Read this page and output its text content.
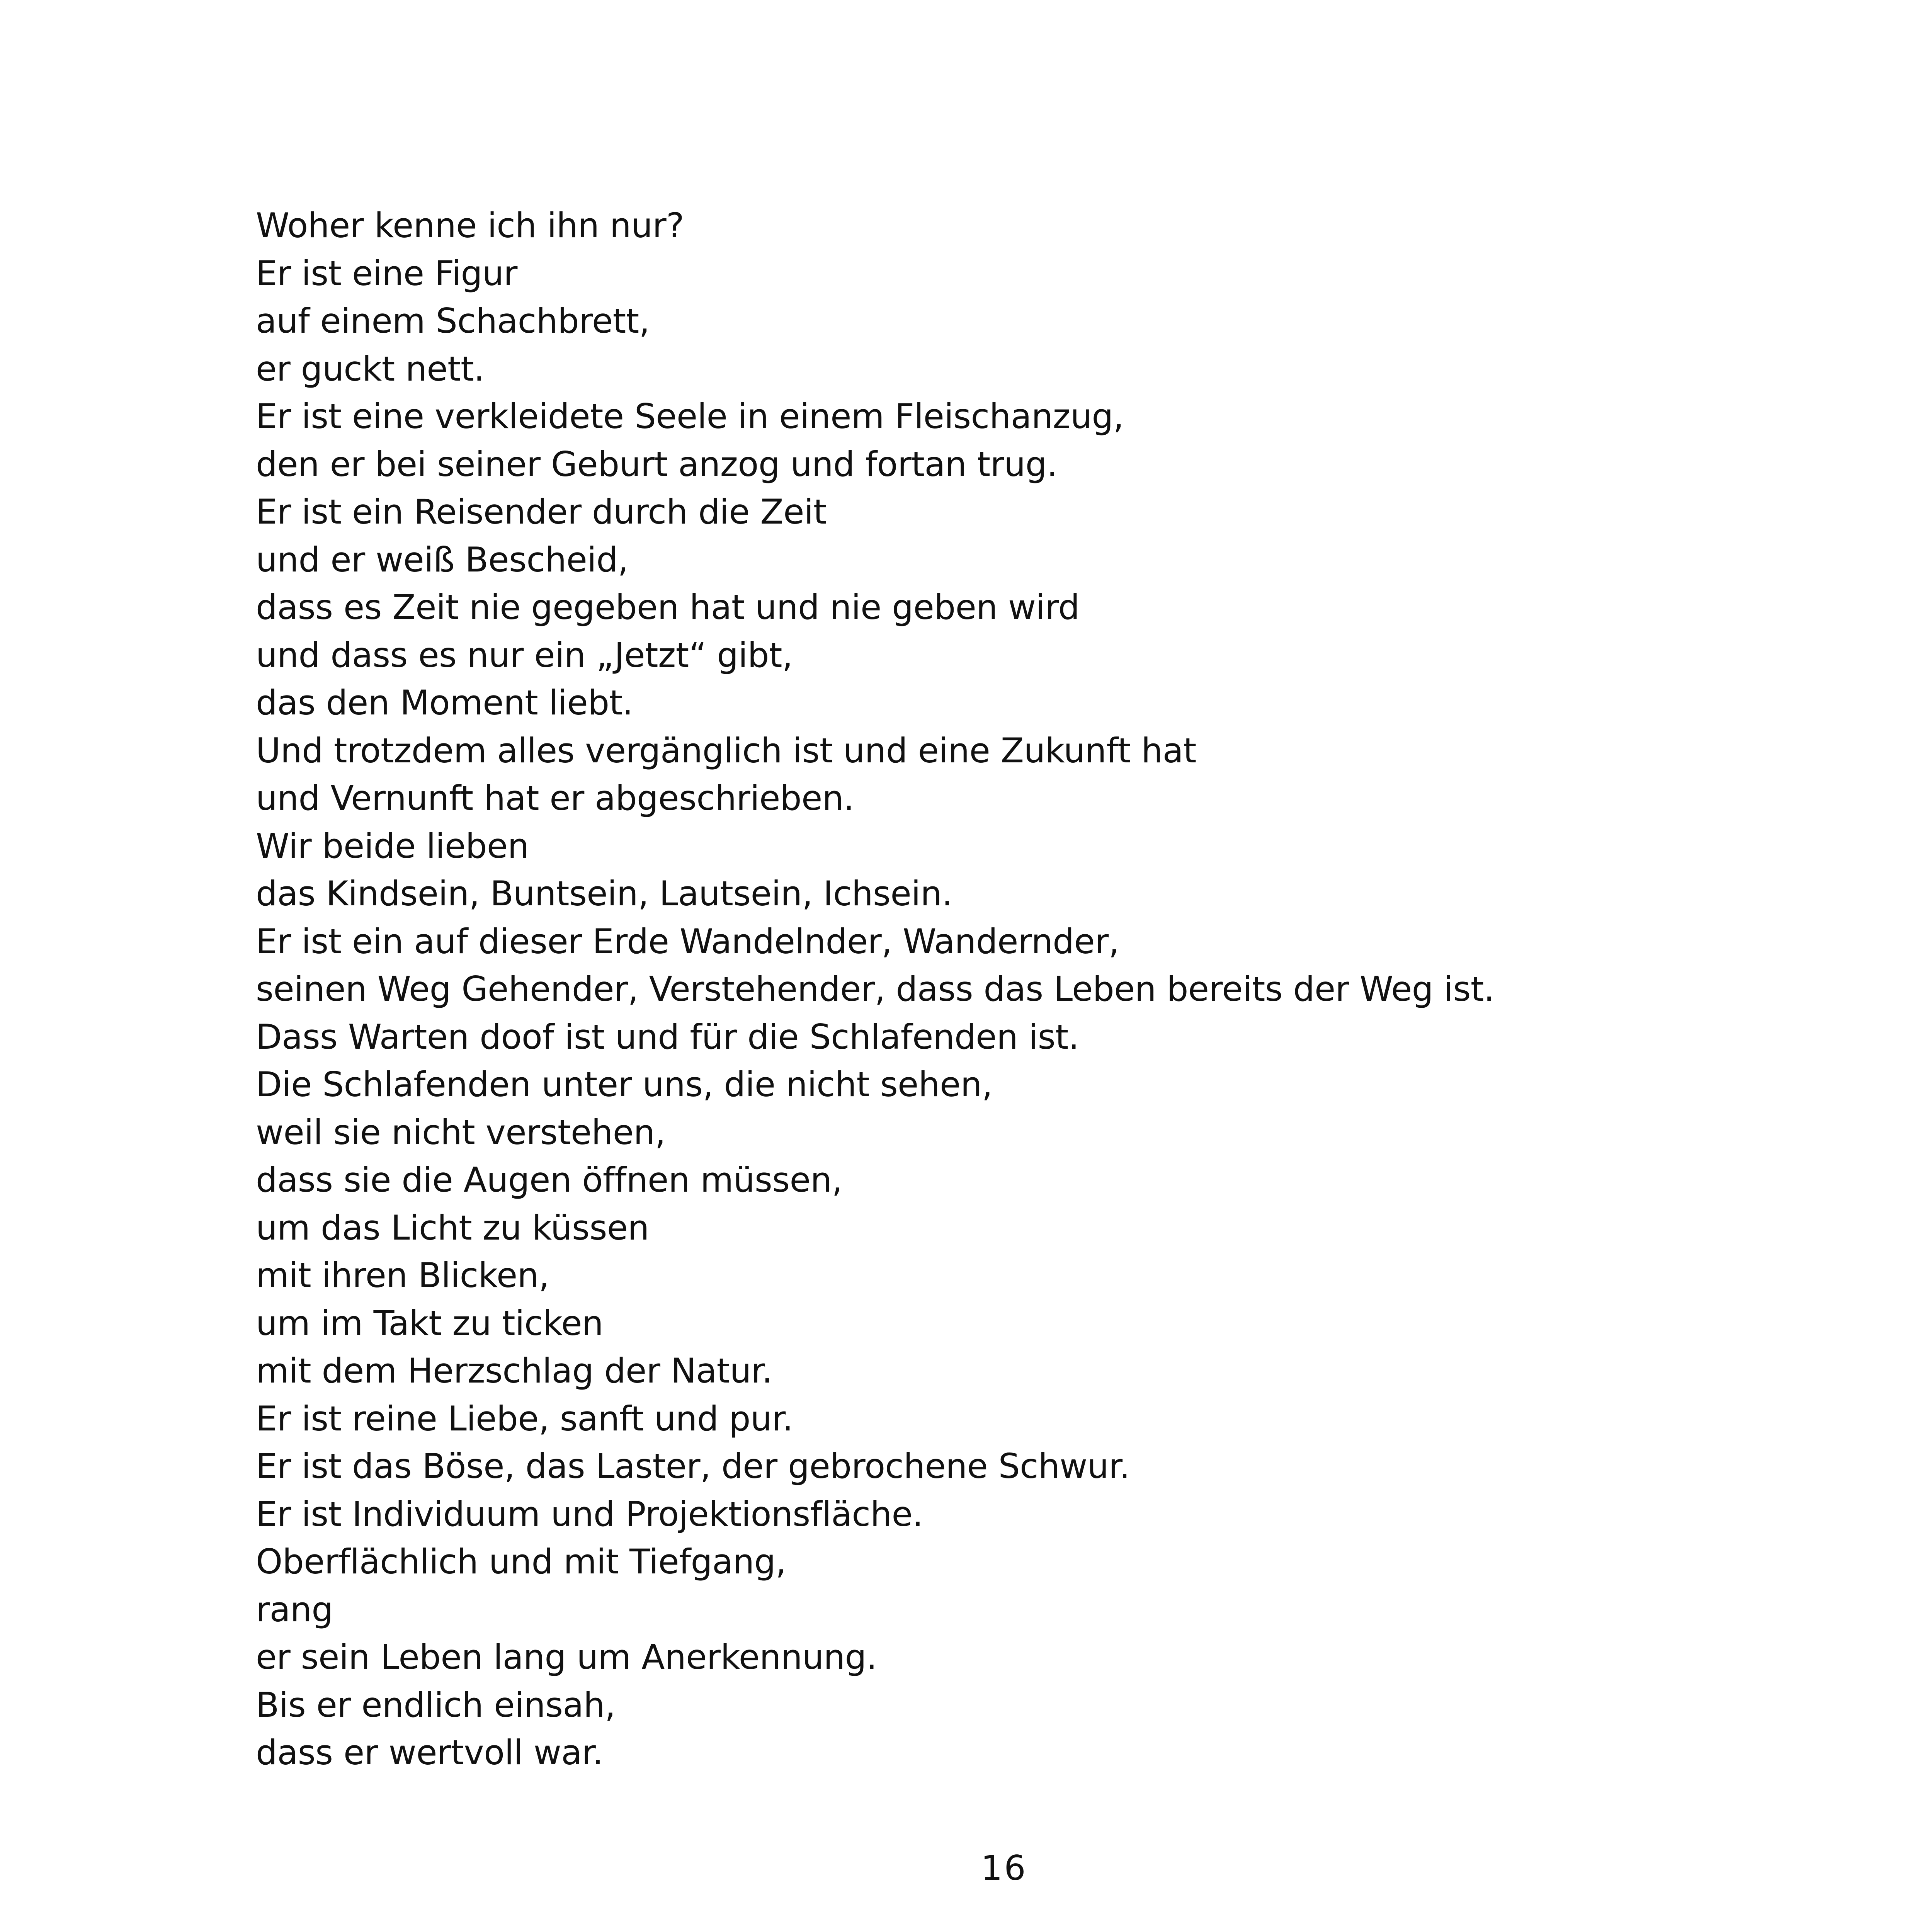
Woher kenne ich ihn nur?
Er ist eine Figur
auf einem Schachbrett,
er guckt nett.
Er ist eine verkleidete Seele in einem Fleischanzug,
den er bei seiner Geburt anzog und fortan trug.
Er ist ein Reisender durch die Zeit
und er weiß Bescheid,
dass es Zeit nie gegeben hat und nie geben wird
und dass es nur ein „Jetzt“ gibt,
das den Moment liebt.
Und trotzdem alles vergänglich ist und eine Zukunft hat
und Vernunft hat er abgeschrieben.
Wir beide lieben
das Kindsein, Buntsein, Lautsein, Ichsein.
Er ist ein auf dieser Erde Wandelnder, Wandernder,
seinen Weg Gehender, Verstehender, dass das Leben bereits der Weg ist.
Dass Warten doof ist und für die Schlafenden ist.
Die Schlafenden unter uns, die nicht sehen,
weil sie nicht verstehen,
dass sie die Augen öffnen müssen,
um das Licht zu küssen
mit ihren Blicken,
um im Takt zu ticken
mit dem Herzschlag der Natur.
Er ist reine Liebe, sanft und pur.
Er ist das Böse, das Laster, der gebrochene Schwur.
Er ist Individuum und Projektionsfläche.
Oberflächlich und mit Tiefgang,
rang
er sein Leben lang um Anerkennung.
Bis er endlich einsah,
dass er wertvoll war.
16
